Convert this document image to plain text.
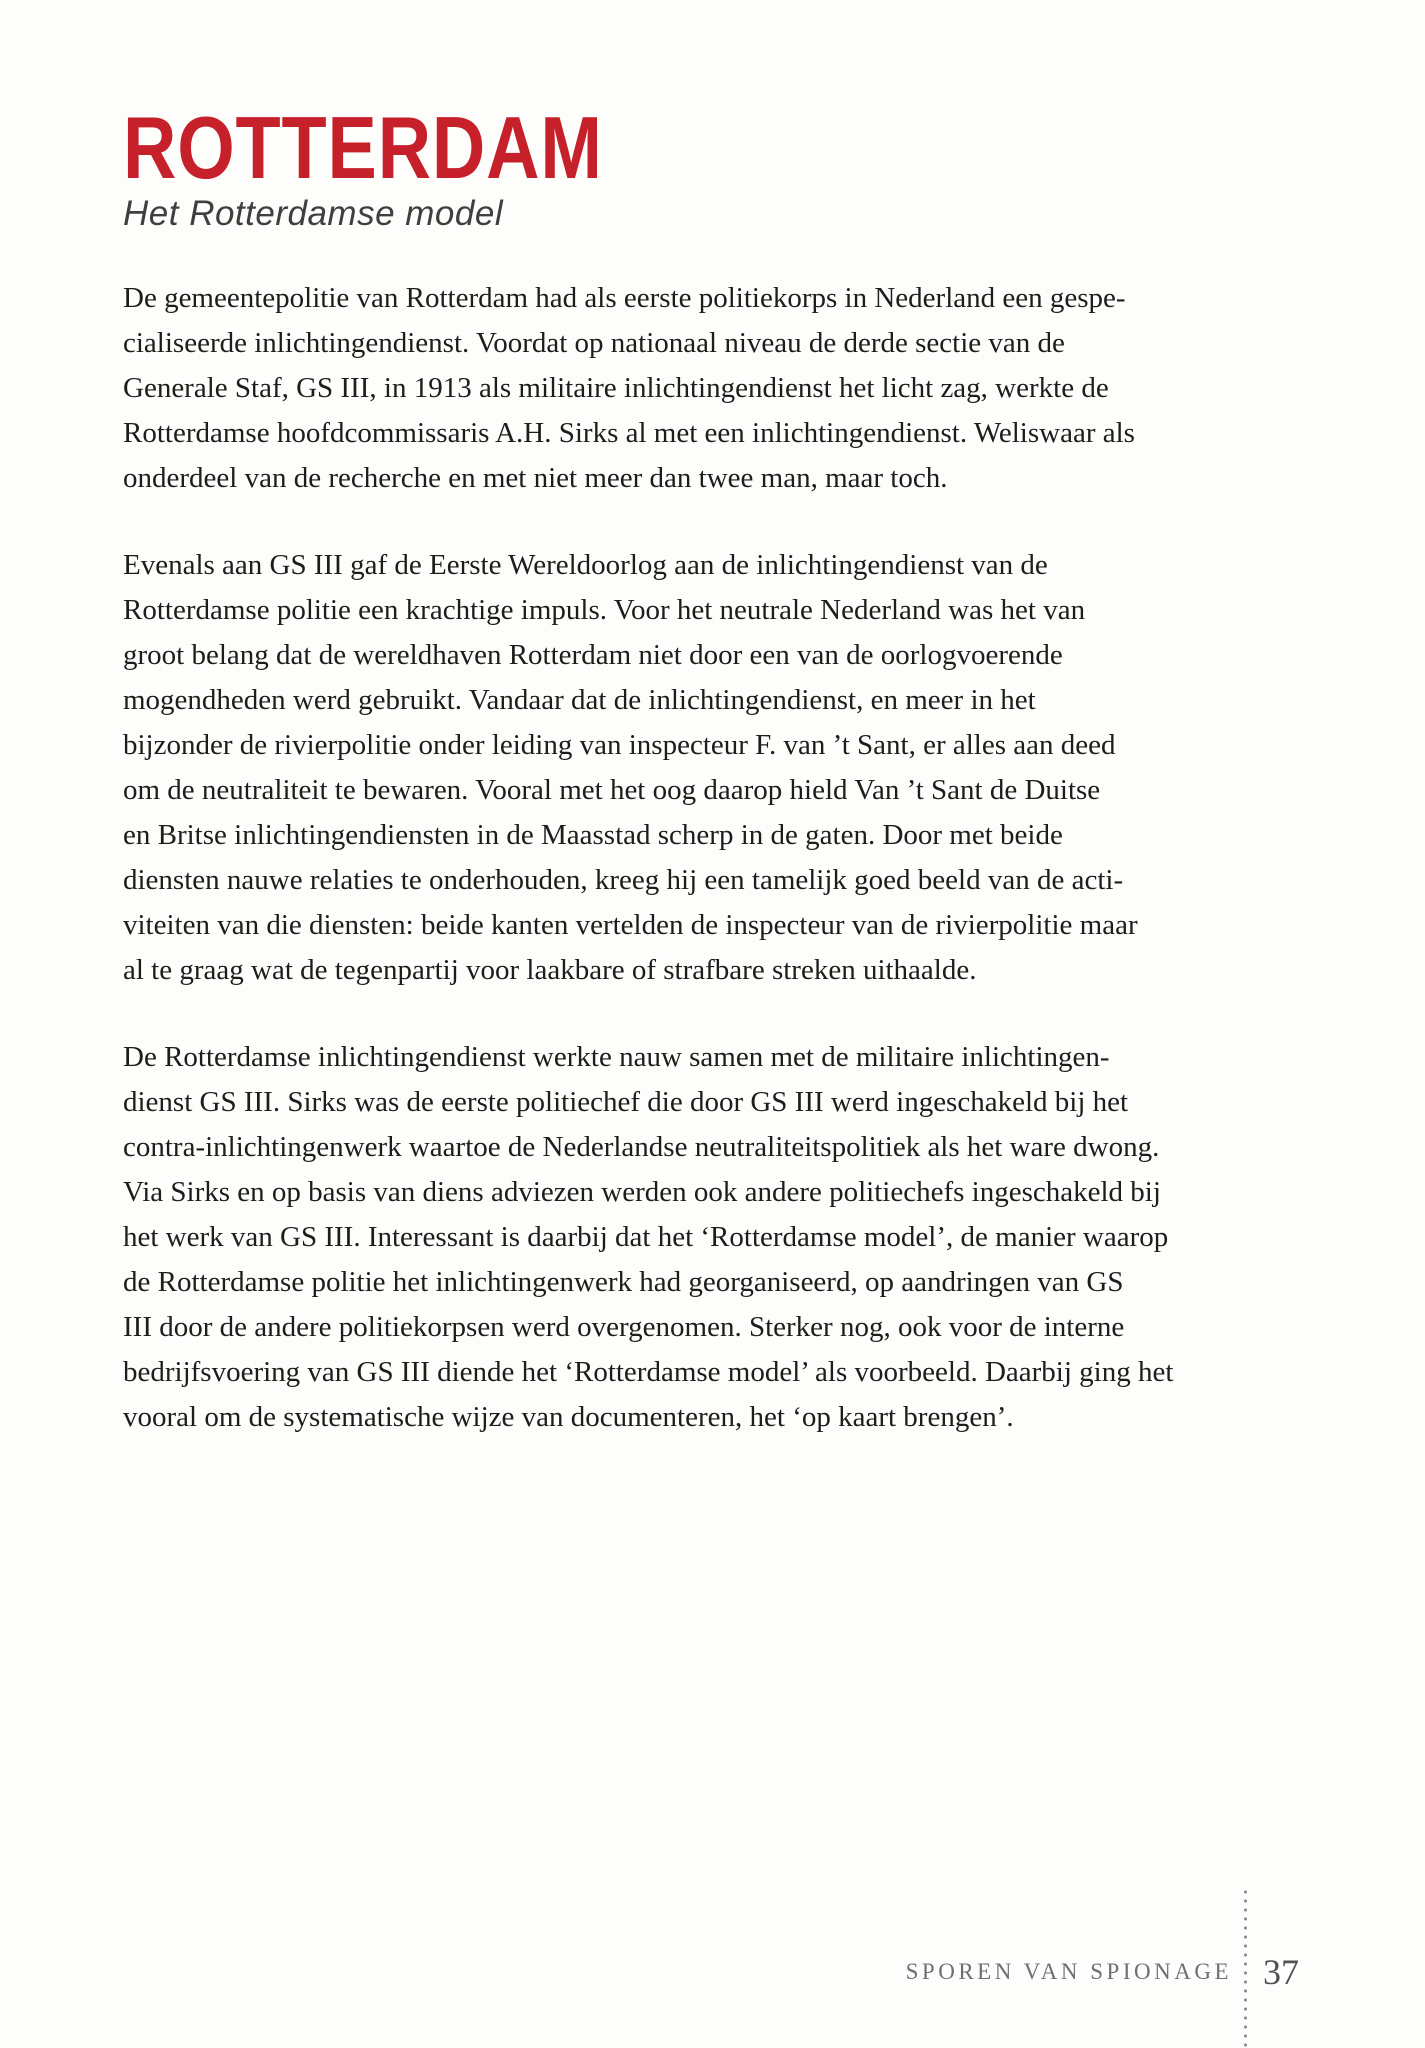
ROTTERDAM
Het Rotterdamse model
De gemeentepolitie van Rotterdam had als eerste politiekorps in Nederland een gespe-
cialiseerde inlichtingendienst. Voordat op nationaal niveau de derde sectie van de
Generale Staf, GS III, in 1913 als militaire inlichtingendienst het licht zag, werkte de
Rotterdamse hoofdcommissaris A.H. Sirks al met een inlichtingendienst. Weliswaar als
onderdeel van de recherche en met niet meer dan twee man, maar toch.
Evenals aan GS III gaf de Eerste Wereldoorlog aan de inlichtingendienst van de
Rotterdamse politie een krachtige impuls. Voor het neutrale Nederland was het van
groot belang dat de wereldhaven Rotterdam niet door een van de oorlogvoerende
mogendheden werd gebruikt. Vandaar dat de inlichtingendienst, en meer in het
bijzonder de rivierpolitie onder leiding van inspecteur F. van ’t Sant, er alles aan deed
om de neutraliteit te bewaren. Vooral met het oog daarop hield Van ’t Sant de Duitse
en Britse inlichtingendiensten in de Maasstad scherp in de gaten. Door met beide
diensten nauwe relaties te onderhouden, kreeg hij een tamelijk goed beeld van de acti-
viteiten van die diensten: beide kanten vertelden de inspecteur van de rivierpolitie maar
al te graag wat de tegenpartij voor laakbare of strafbare streken uithaalde.
De Rotterdamse inlichtingendienst werkte nauw samen met de militaire inlichtingen-
dienst GS III. Sirks was de eerste politiechef die door GS III werd ingeschakeld bij het
contra-inlichtingenwerk waartoe de Nederlandse neutraliteitspolitiek als het ware dwong.
Via Sirks en op basis van diens adviezen werden ook andere politiechefs ingeschakeld bij
het werk van GS III. Interessant is daarbij dat het ‘Rotterdamse model’, de manier waarop
de Rotterdamse politie het inlichtingenwerk had georganiseerd, op aandringen van GS
III door de andere politiekorpsen werd overgenomen. Sterker nog, ook voor de interne
bedrijfsvoering van GS III diende het ‘Rotterdamse model’ als voorbeeld. Daarbij ging het
vooral om de systematische wijze van documenteren, het ‘op kaart brengen’.
SPOREN VAN SPIONAGE 37
